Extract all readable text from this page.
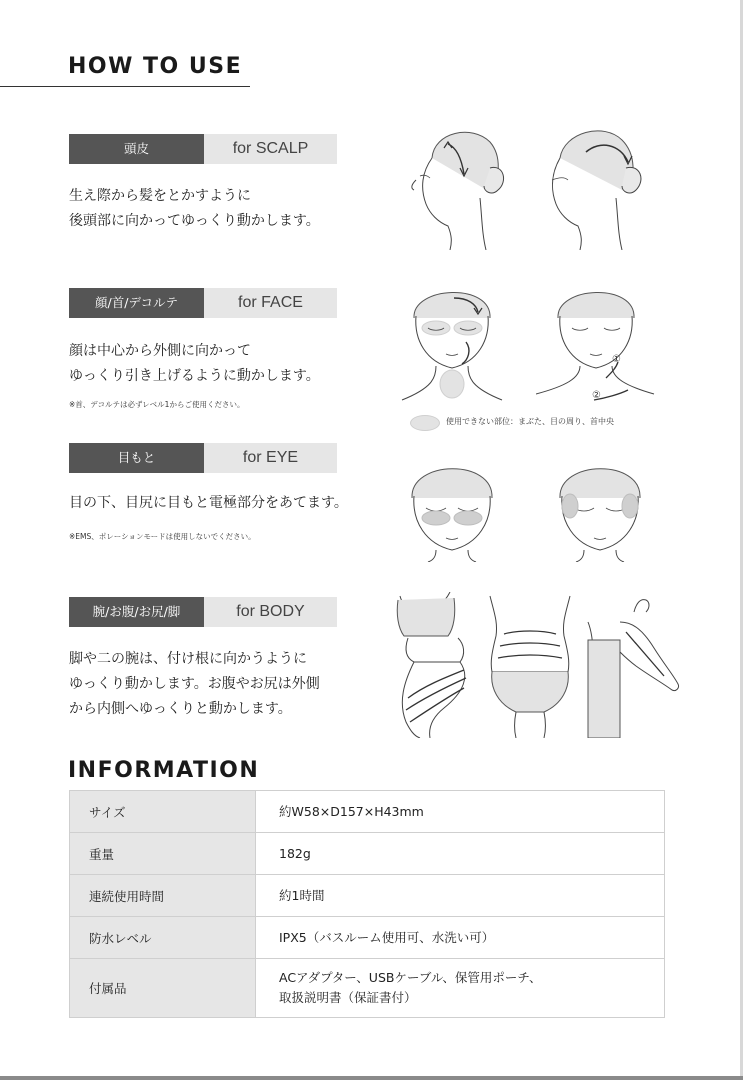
HOW TO USE
頭皮	for SCALP
生え際から髪をとかすように
後頭部に向かってゆっくり動かします。
顔/首/デコルテ	for FACE
顔は中心から外側に向かって
ゆっくり引き上げるように動かします。
※首、デコルテは必ずレベル1からご使用ください。
目もと	for EYE
目の下、目尻に目もと電極部分をあてます。
※EMS、ポレーションモードは使用しないでください。
腕/お腹/お尻/脚	for BODY
脚や二の腕は、付け根に向かうように
ゆっくり動かします。お腹やお尻は外側
から内側へゆっくりと動かします。
①
②
使用できない部位：まぶた、目の周り、首中央
INFORMATION
サイズ	約W58×D157×H43mm
重量	182g
連続使用時間	約1時間
防水レベル	IPX5（バスルーム使用可、水洗い可）
付属品	ACアダプター、USBケーブル、保管用ポーチ、
取扱説明書（保証書付）
